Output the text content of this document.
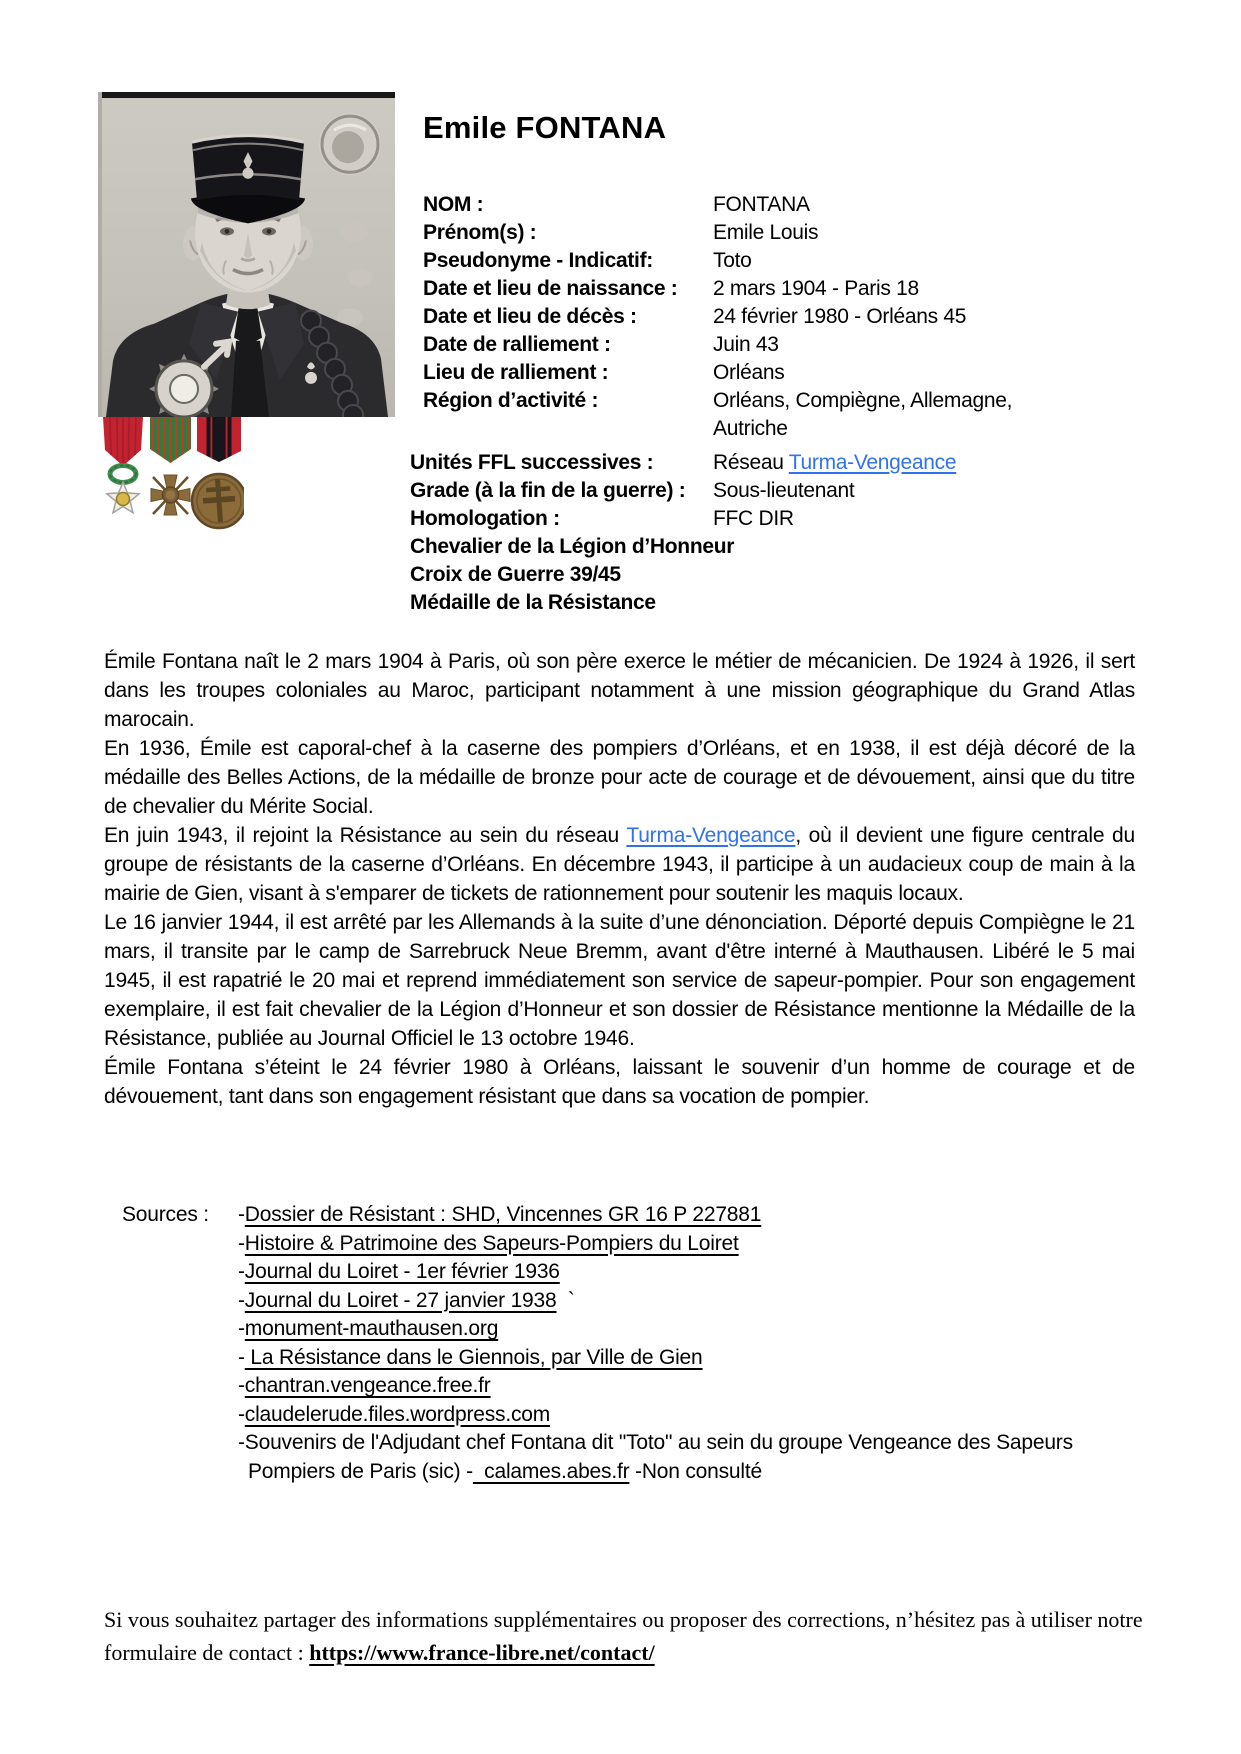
Emile FONTANA
NOM :	FONTANA
Prénom(s) :	Emile Louis
Pseudonyme - Indicatif:	Toto
Date et lieu de naissance :	2 mars 1904 - Paris 18
Date et lieu de décès :	24 février 1980 - Orléans 45
Date de ralliement :	Juin 43
Lieu de ralliement :	Orléans
Région d’activité :	Orléans, Compiègne, Allemagne, Autriche
Unités FFL successives :	Réseau Turma-Vengeance
Grade (à la fin de la guerre) :	Sous-lieutenant
Homologation :	FFC DIR
Chevalier de la Légion d’Honneur
Croix de Guerre 39/45
Médaille de la Résistance

Émile Fontana naît le 2 mars 1904 à Paris, où son père exerce le métier de mécanicien. De 1924 à 1926, il sert dans les troupes coloniales au Maroc, participant notamment à une mission géographique du Grand Atlas marocain.

En 1936, Émile est caporal-chef à la caserne des pompiers d’Orléans, et en 1938, il est déjà décoré de la médaille des Belles Actions, de la médaille de bronze pour acte de courage et de dévouement, ainsi que du titre de chevalier du Mérite Social.

En juin 1943, il rejoint la Résistance au sein du réseau Turma-Vengeance, où il devient une figure centrale du groupe de résistants de la caserne d’Orléans. En décembre 1943, il participe à un audacieux coup de main à la mairie de Gien, visant à s'emparer de tickets de rationnement pour soutenir les maquis locaux.

Le 16 janvier 1944, il est arrêté par les Allemands à la suite d’une dénonciation. Déporté depuis Compiègne le 21 mars, il transite par le camp de Sarrebruck Neue Bremm, avant d'être interné à Mauthausen. Libéré le 5 mai 1945, il est rapatrié le 20 mai et reprend immédiatement son service de sapeur-pompier. Pour son engagement exemplaire, il est fait chevalier de la Légion d’Honneur et son dossier de Résistance mentionne la Médaille de la Résistance, publiée au Journal Officiel le 13 octobre 1946.

Émile Fontana s’éteint le 24 février 1980 à Orléans, laissant le souvenir d’un homme de courage et de dévouement, tant dans son engagement résistant que dans sa vocation de pompier.

Sources :	-Dossier de Résistant : SHD, Vincennes GR 16 P 227881
-Histoire & Patrimoine des Sapeurs-Pompiers du Loiret
-Journal du Loiret - 1er février 1936
-Journal du Loiret - 27 janvier 1938  `
-monument-mauthausen.org
- La Résistance dans le Giennois, par Ville de Gien
-chantran.vengeance.free.fr
-claudelerude.files.wordpress.com
-Souvenirs de l'Adjudant chef Fontana dit "Toto" au sein du groupe Vengeance des Sapeurs Pompiers de Paris (sic) -  calames.abes.fr -Non consulté
Si vous souhaitez partager des informations supplémentaires ou proposer des corrections, n’hésitez pas à utiliser notre formulaire de contact : https://www.france-libre.net/contact/
